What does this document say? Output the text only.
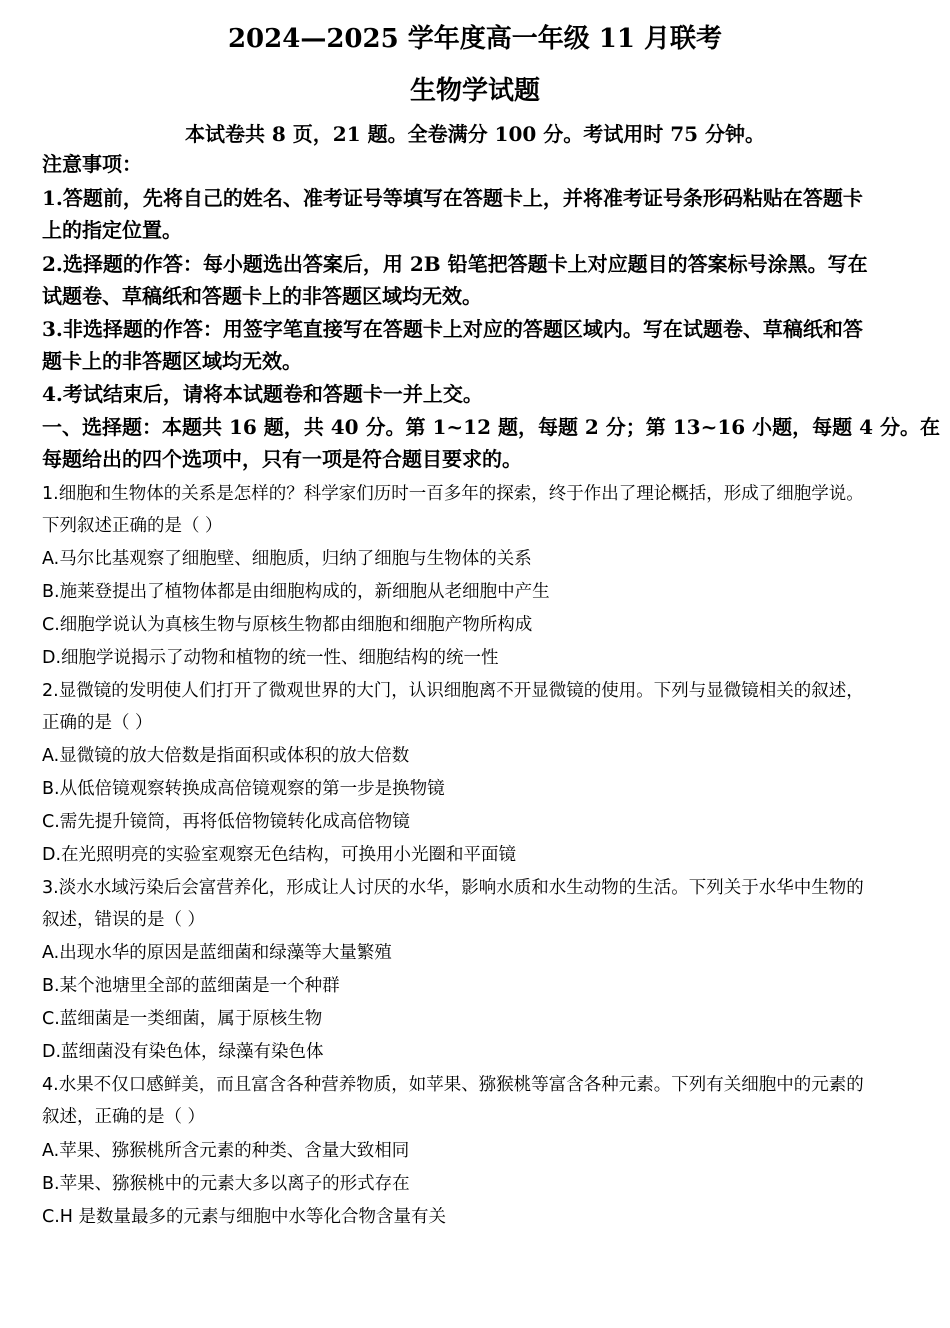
2024—2025 学年度高一年级 11 月联考
生物学试题
本试卷共 8 页，21 题。全卷满分 100 分。考试用时 75 分钟。
注意事项：
1.答题前，先将自己的姓名、准考证号等填写在答题卡上，并将准考证号条形码粘贴在答题卡
上的指定位置。
2.选择题的作答：每小题选出答案后，用 2B 铅笔把答题卡上对应题目的答案标号涂黑。写在
试题卷、草稿纸和答题卡上的非答题区域均无效。
3.非选择题的作答：用签字笔直接写在答题卡上对应的答题区域内。写在试题卷、草稿纸和答
题卡上的非答题区域均无效。
4.考试结束后，请将本试题卷和答题卡一并上交。
一、选择题：本题共 16 题，共 40 分。第 1~12 题，每题 2 分；第 13~16 小题，每题 4 分。在
每题给出的四个选项中，只有一项是符合题目要求的。
1.细胞和生物体的关系是怎样的？科学家们历时一百多年的探索，终于作出了理论概括，形成了细胞学说。
下列叙述正确的是（ ）
A.马尔比基观察了细胞壁、细胞质，归纳了细胞与生物体的关系
B.施莱登提出了植物体都是由细胞构成的，新细胞从老细胞中产生
C.细胞学说认为真核生物与原核生物都由细胞和细胞产物所构成
D.细胞学说揭示了动物和植物的统一性、细胞结构的统一性
2.显微镜的发明使人们打开了微观世界的大门，认识细胞离不开显微镜的使用。下列与显微镜相关的叙述，
正确的是（ ）
A.显微镜的放大倍数是指面积或体积的放大倍数
B.从低倍镜观察转换成高倍镜观察的第一步是换物镜
C.需先提升镜筒，再将低倍物镜转化成高倍物镜
D.在光照明亮的实验室观察无色结构，可换用小光圈和平面镜
3.淡水水域污染后会富营养化，形成让人讨厌的水华，影响水质和水生动物的生活。下列关于水华中生物的
叙述，错误的是（ ）
A.出现水华的原因是蓝细菌和绿藻等大量繁殖
B.某个池塘里全部的蓝细菌是一个种群
C.蓝细菌是一类细菌，属于原核生物
D.蓝细菌没有染色体，绿藻有染色体
4.水果不仅口感鲜美，而且富含各种营养物质，如苹果、猕猴桃等富含各种元素。下列有关细胞中的元素的
叙述，正确的是（ ）
A.苹果、猕猴桃所含元素的种类、含量大致相同
B.苹果、猕猴桃中的元素大多以离子的形式存在
C.H 是数量最多的元素与细胞中水等化合物含量有关
